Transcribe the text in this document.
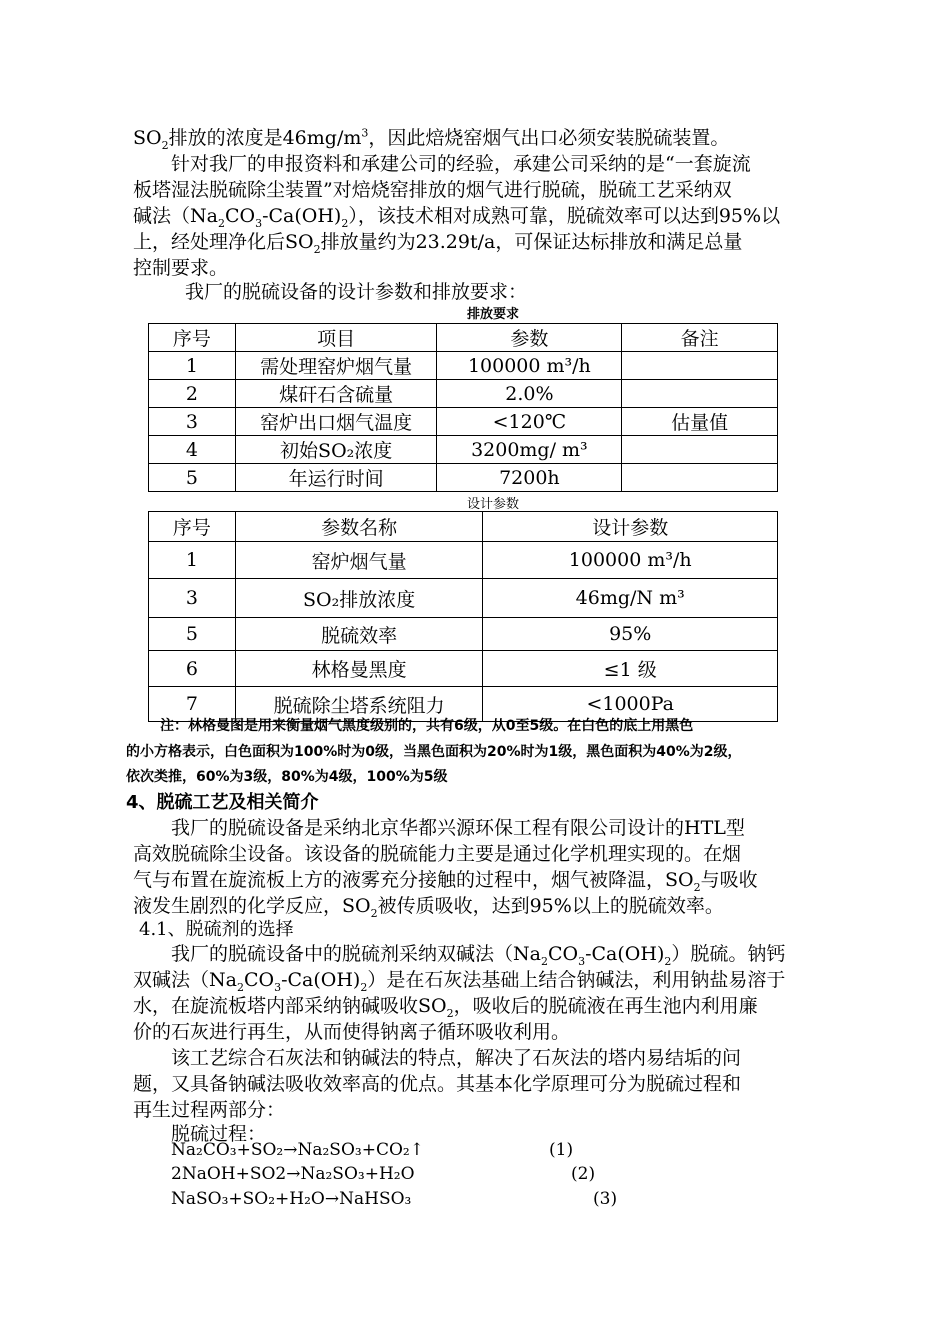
$SO_2$排放的浓度是$46mg/m^3$，因此焙烧窑烟气出口必须安装脱硫装置。
针对我厂的申报资料和承建公司的经验，承建公司采纳的是“一套旋流
板塔湿法脱硫除尘装置”对焙烧窑排放的烟气进行脱硫，脱硫工艺采纳双
碱法$(Na_2CO_3-Ca(OH)_2)$，该技术相对成熟可靠，脱硫效率可以达到95%以
上，经处理净化后$SO_2$排放量约为23.29t/a，可保证达标排放和满足总量
控制要求。
我厂的脱硫设备的设计参数和排放要求：
排放要求
序号	项目	参数	备注
1	需处理窑炉烟气量	100000 m³/h	
2	煤矸石含硫量	2.0%	
3	窑炉出口烟气温度	<120℃	估量值
4	初始SO₂浓度	3200mg/ m³	
5	年运行时间	7200h	
设计参数
序号	参数名称	设计参数
1	窑炉烟气量	100000 m³/h
3	SO₂排放浓度	46mg/N m³
5	脱硫效率	95%
6	林格曼黑度	≤1 级
7	脱硫除尘塔系统阻力	<1000Pa
注：林格曼图是用来衡量烟气黑度级别的，共有6级，从0至5级。在白色的底上用黑色
的小方格表示，白色面积为100%时为0级，当黑色面积为20%时为1级，黑色面积为40%为2级，
依次类推，60%为3级，80%为4级，100%为5级
4、脱硫工艺及相关简介
我厂的脱硫设备是采纳北京华都兴源环保工程有限公司设计的HTL型
高效脱硫除尘设备。该设备的脱硫能力主要是通过化学机理实现的。在烟
气与布置在旋流板上方的液雾充分接触的过程中，烟气被降温，$SO_2$与吸收
液发生剧烈的化学反应，$SO_2$被传质吸收，达到95%以上的脱硫效率。
4.1、脱硫剂的选择
我厂的脱硫设备中的脱硫剂采纳双碱法$(Na_2CO_3-Ca(OH)_2)$脱硫。钠钙
双碱法$(Na_2CO_3-Ca(OH)_2)$是在石灰法基础上结合钠碱法，利用钠盐易溶于
水，在旋流板塔内部采纳钠碱吸收$SO_2$，吸收后的脱硫液在再生池内利用廉
价的石灰进行再生，从而使得钠离子循环吸收利用。
该工艺综合石灰法和钠碱法的特点，解决了石灰法的塔内易结垢的问
题，又具备钠碱法吸收效率高的优点。其基本化学原理可分为脱硫过程和
再生过程两部分：
脱硫过程：
Na₂CO₃+SO₂→Na₂SO₃+CO₂↑	(1)
2NaOH+SO2→Na₂SO₃+H₂O	(2)
NaSO₃+SO₂+H₂O→NaHSO₃	(3)
